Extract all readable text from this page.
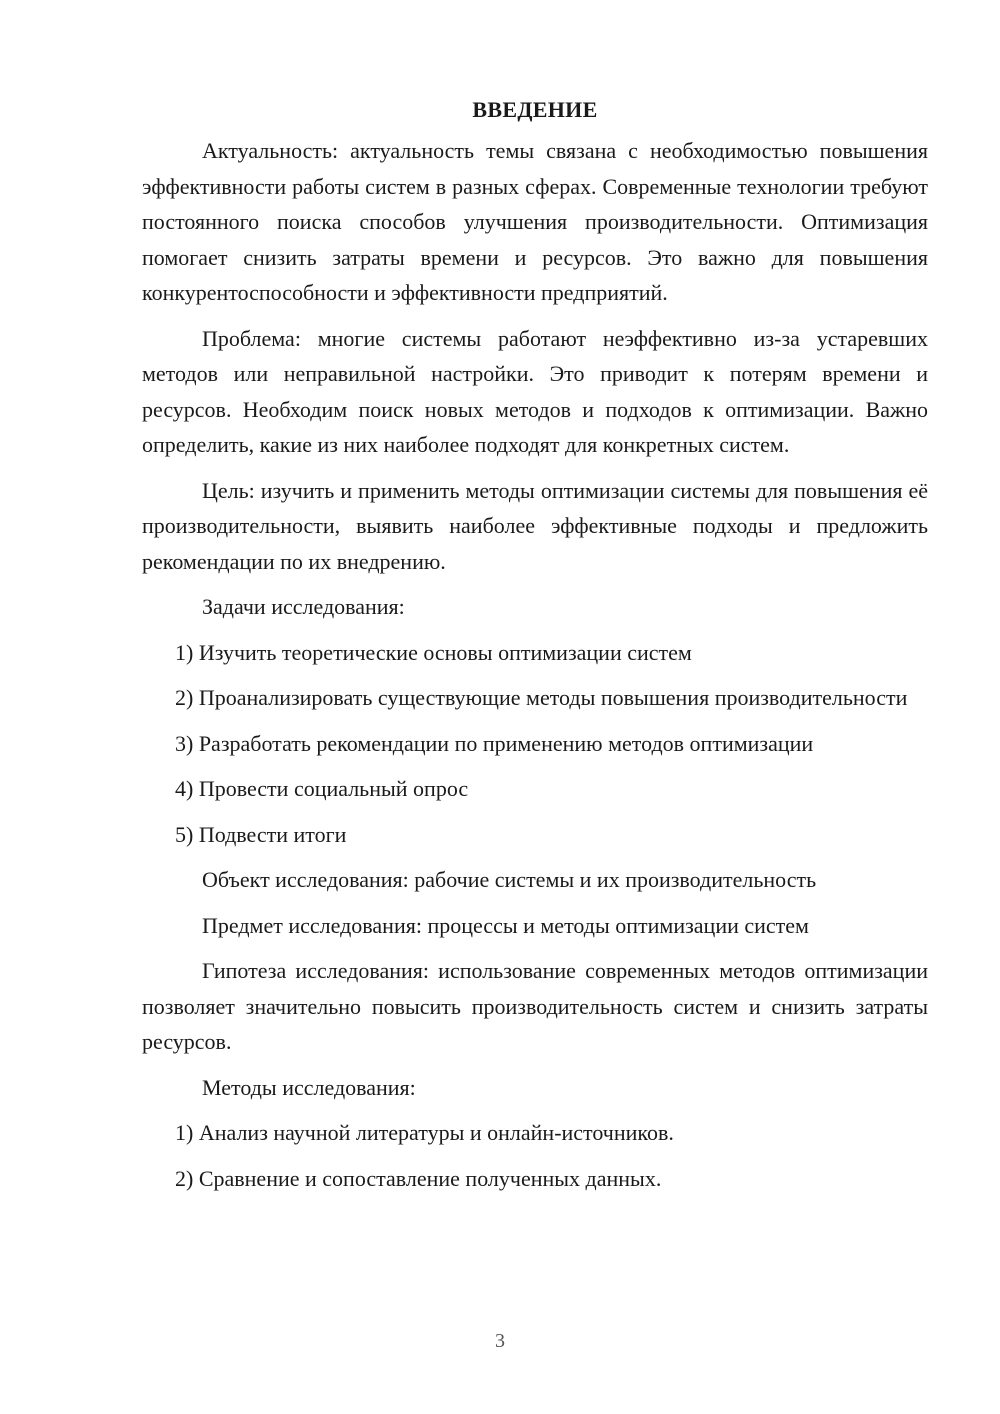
ВВЕДЕНИЕ

Актуальность: актуальность темы связана с необходимостью повышения эффективности работы систем в разных сферах. Современные технологии требуют постоянного поиска способов улучшения производительности. Оптимизация помогает снизить затраты времени и ресурсов. Это важно для повышения конкурентоспособности и эффективности предприятий.

Проблема: многие системы работают неэффективно из-за устаревших методов или неправильной настройки. Это приводит к потерям времени и ресурсов. Необходим поиск новых методов и подходов к оптимизации. Важно определить, какие из них наиболее подходят для конкретных систем.

Цель: изучить и применить методы оптимизации системы для повышения её производительности, выявить наиболее эффективные подходы и предложить рекомендации по их внедрению.

Задачи исследования:

1) Изучить теоретические основы оптимизации систем

2) Проанализировать существующие методы повышения производительности

3) Разработать рекомендации по применению методов оптимизации

4) Провести социальный опрос

5) Подвести итоги

Объект исследования: рабочие системы и их производительность

Предмет исследования: процессы и методы оптимизации систем

Гипотеза исследования: использование современных методов оптимизации позволяет значительно повысить производительность систем и снизить затраты ресурсов.

Методы исследования:

1) Анализ научной литературы и онлайн-источников.

2) Сравнение и сопоставление полученных данных.

3
